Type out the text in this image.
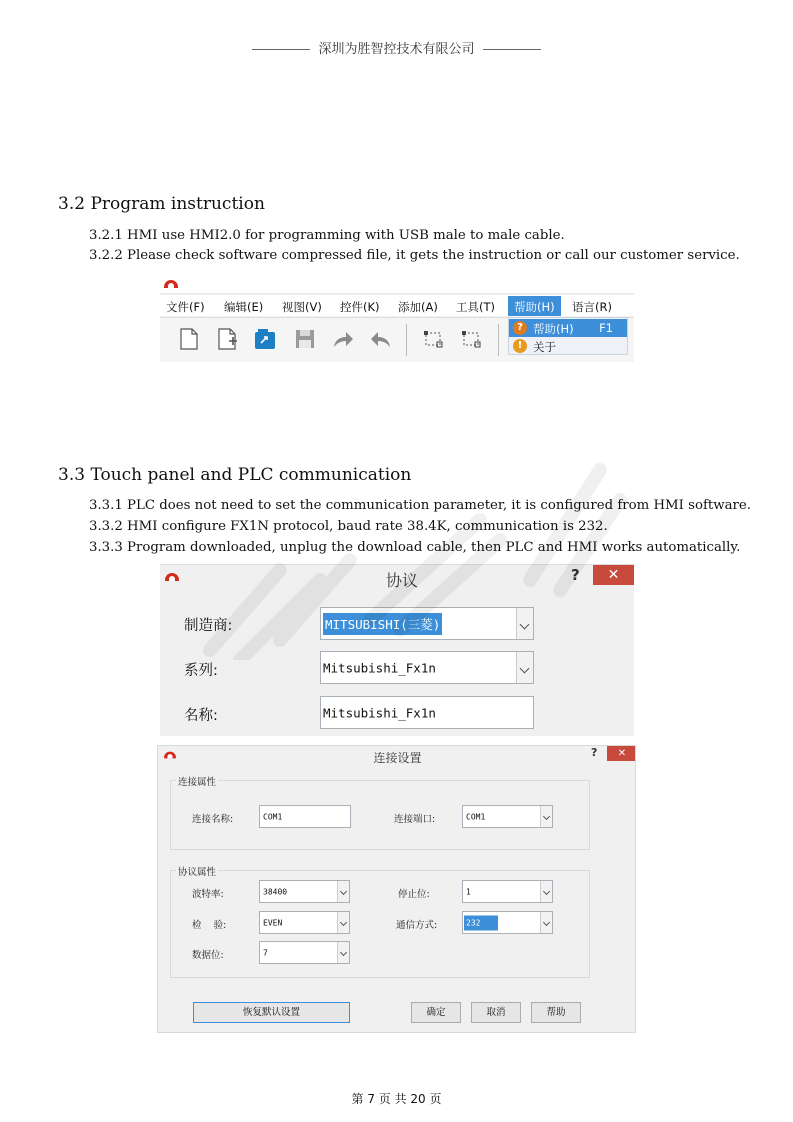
深圳为胜智控技术有限公司
3.2 Program instruction
3.2.1 HMI use HMI2.0 for programming with USB male to male cable.
3.2.2 Please check software compressed file, it gets the instruction or call our customer service.
文件(F) 编辑(E) 视图(V) 控件(K) 添加(A) 工具(T)	帮助(H)	语言(R)
? 帮助(H) F1
! 关于
3.3 Touch panel and PLC communication
3.3.1 PLC does not need to set the communication parameter, it is configured from HMI software.
3.3.2 HMI configure FX1N protocol, baud rate 38.4K, communication is 232.
3.3.3 Program downloaded, unplug the download cable, then PLC and HMI works automatically.
协议	?	✕
制造商:	MITSUBISHI(三菱)
系列:	Mitsubishi_Fx1n
名称:	Mitsubishi_Fx1n
连接设置	?	✕
连接属性
连接名称:	COM1	连接端口:	COM1
协议属性
波特率:	38400	停止位:	1
检    验:	EVEN	通信方式:	232
数据位:	7
恢复默认设置	确定	取消	帮助
第 7 页 共 20 页
